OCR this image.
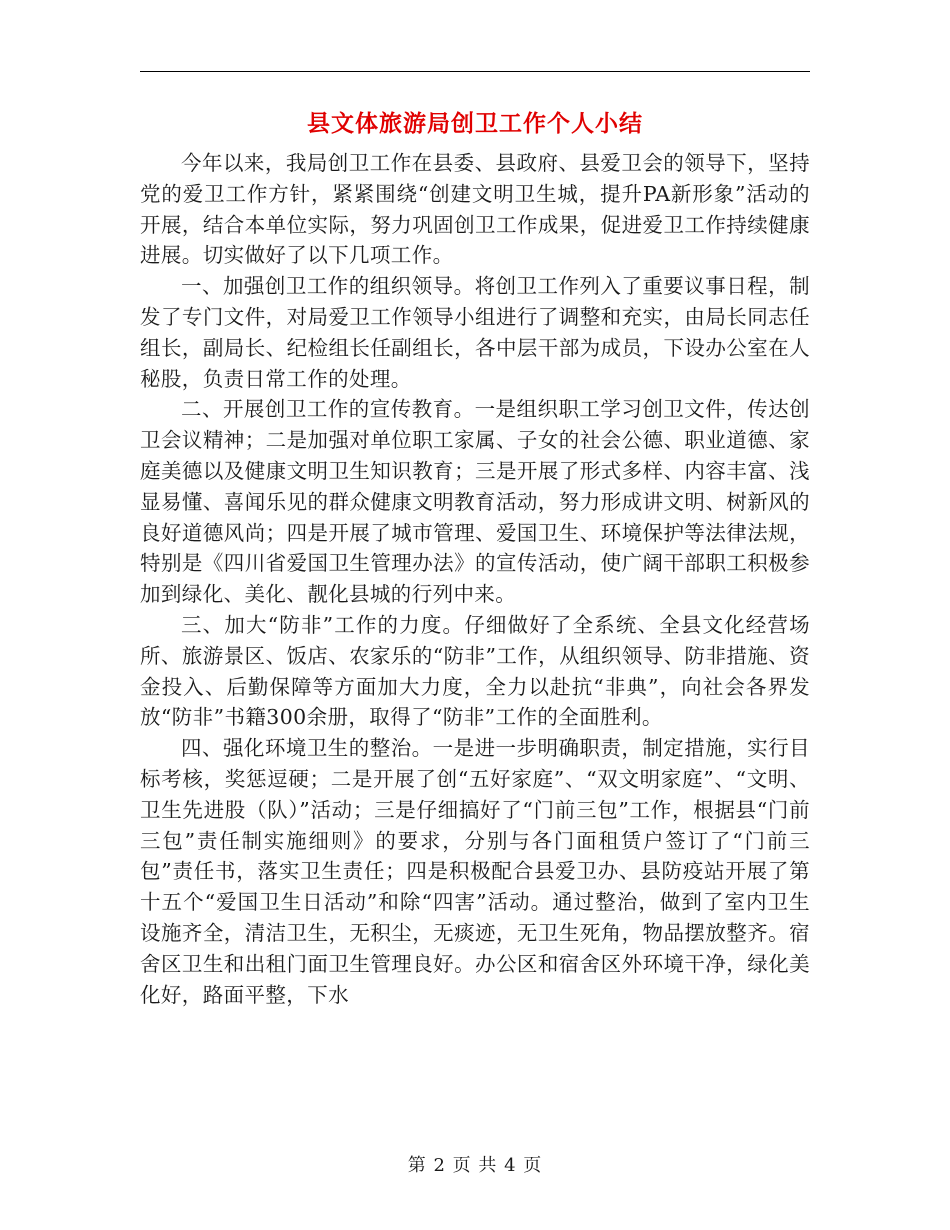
县文体旅游局创卫工作个人小结

今年以来，我局创卫工作在县委、县政府、县爱卫会的领导下，坚持党的爱卫工作方针，紧紧围绕“创建文明卫生城，提升PA新形象”活动的开展，结合本单位实际，努力巩固创卫工作成果，促进爱卫工作持续健康进展。切实做好了以下几项工作。

一、加强创卫工作的组织领导。将创卫工作列入了重要议事日程，制发了专门文件，对局爱卫工作领导小组进行了调整和充实，由局长同志任组长，副局长、纪检组长任副组长，各中层干部为成员，下设办公室在人秘股，负责日常工作的处理。

二、开展创卫工作的宣传教育。一是组织职工学习创卫文件，传达创卫会议精神；二是加强对单位职工家属、子女的社会公德、职业道德、家庭美德以及健康文明卫生知识教育；三是开展了形式多样、内容丰富、浅显易懂、喜闻乐见的群众健康文明教育活动，努力形成讲文明、树新风的良好道德风尚；四是开展了城市管理、爱国卫生、环境保护等法律法规，特别是《四川省爱国卫生管理办法》的宣传活动，使广阔干部职工积极参加到绿化、美化、靓化县城的行列中来。

三、加大“防非”工作的力度。仔细做好了全系统、全县文化经营场所、旅游景区、饭店、农家乐的“防非”工作，从组织领导、防非措施、资金投入、后勤保障等方面加大力度，全力以赴抗“非典”，向社会各界发放“防非”书籍300余册，取得了“防非”工作的全面胜利。

四、强化环境卫生的整治。一是进一步明确职责，制定措施，实行目标考核，奖惩逗硬；二是开展了创“五好家庭”、“双文明家庭”、“文明、卫生先进股（队）”活动；三是仔细搞好了“门前三包”工作，根据县“门前三包”责任制实施细则》的要求，分别与各门面租赁户签订了“门前三包”责任书，落实卫生责任；四是积极配合县爱卫办、县防疫站开展了第十五个“爱国卫生日活动”和除“四害”活动。通过整治，做到了室内卫生设施齐全，清洁卫生，无积尘，无痰迹，无卫生死角，物品摆放整齐。宿舍区卫生和出租门面卫生管理良好。办公区和宿舍区外环境干净，绿化美化好，路面平整，下水

第 2 页 共 4 页
